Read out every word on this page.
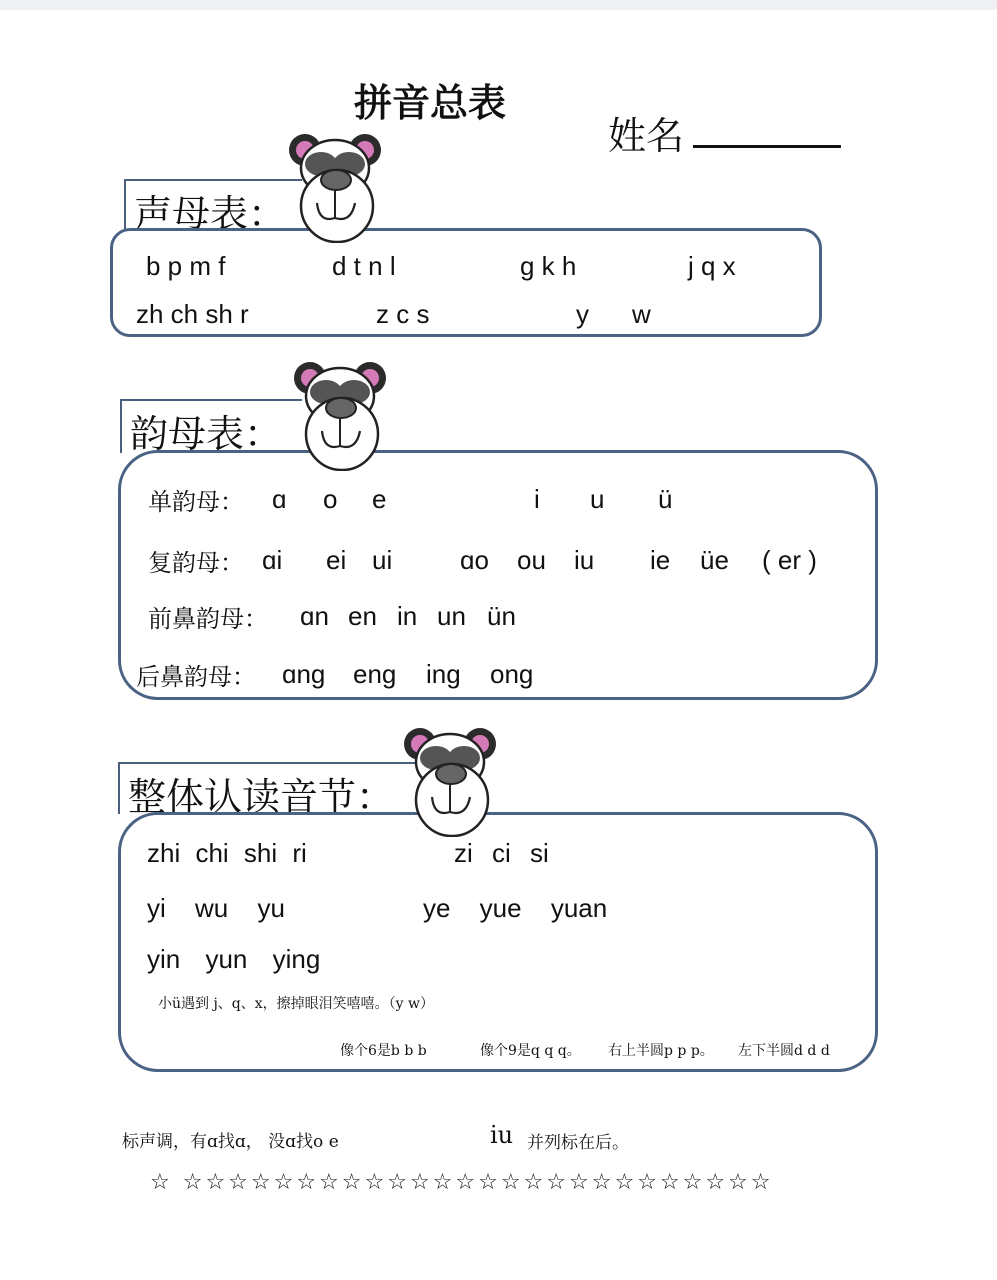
拼音总表
姓名
声母表：
b p m f	d t n l	g k h	j q x
zh ch sh r	z c s	y w
韵母表：
单韵母： ɑ o e	i u ü
复韵母： ɑi ei ui	ɑo ou iu ie üe ( er )
前鼻韵母： ɑn en in un ün
后鼻韵母： ɑng eng ing ong
整体认读音节：
zhi chi shi ri	zi ci si
yi wu yu	ye yue yuan
yin yun ying
小ü遇到 j、q、x，擦掉眼泪笑嘻嘻。（y w）
像个6是b b b	像个9是q q q。 右上半圆p p p。 左下半圆d d d
标声调，有ɑ找ɑ， 没ɑ找o e	iu 并列标在后。
☆ ☆☆☆☆☆☆☆☆☆☆☆☆☆☆☆☆☆☆☆☆☆☆☆☆☆☆
